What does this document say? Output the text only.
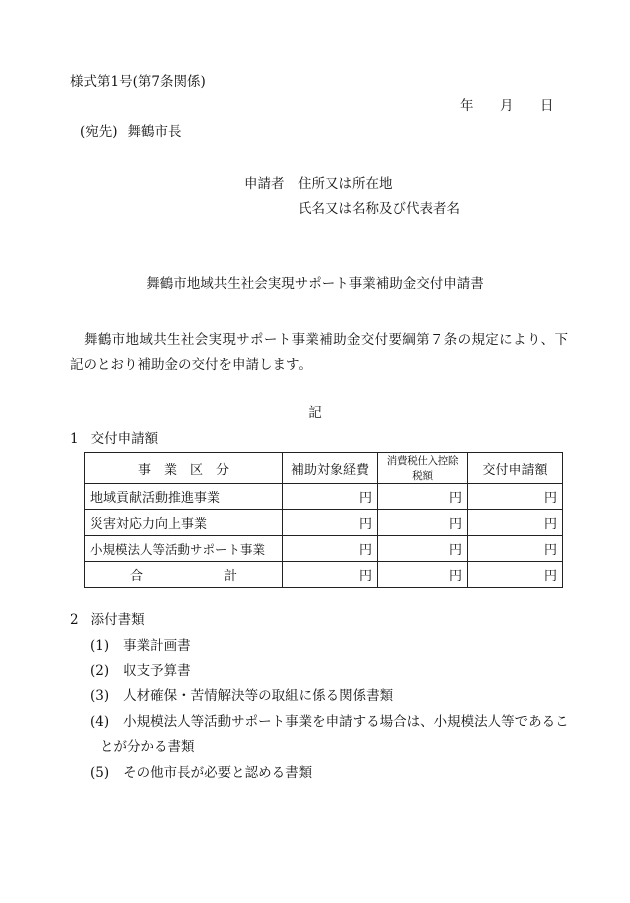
様式第1号(第7条関係)
年 月 日
(宛先) 舞鶴市長
申請者 住所又は所在地
氏名又は名称及び代表者名
舞鶴市地域共生社会実現サポート事業補助金交付申請書
舞鶴市地域共生社会実現サポート事業補助金交付要綱第７条の規定により、下記のとおり補助金の交付を申請します。
記
1 交付申請額
事　業　区　分	補助対象経費	消費税仕入控除税額	交付申請額
地域貢献活動推進事業	円	円	円
災害対応力向上事業	円	円	円
小規模法人等活動サポート事業	円	円	円

合 計	円	円	円
2 添付書類
(1) 事業計画書
(2) 収支予算書
(3) 人材確保・苦情解決等の取組に係る関係書類
(4) 小規模法人等活動サポート事業を申請する場合は、小規模法人等であるこ
とが分かる書類
(5) その他市長が必要と認める書類
